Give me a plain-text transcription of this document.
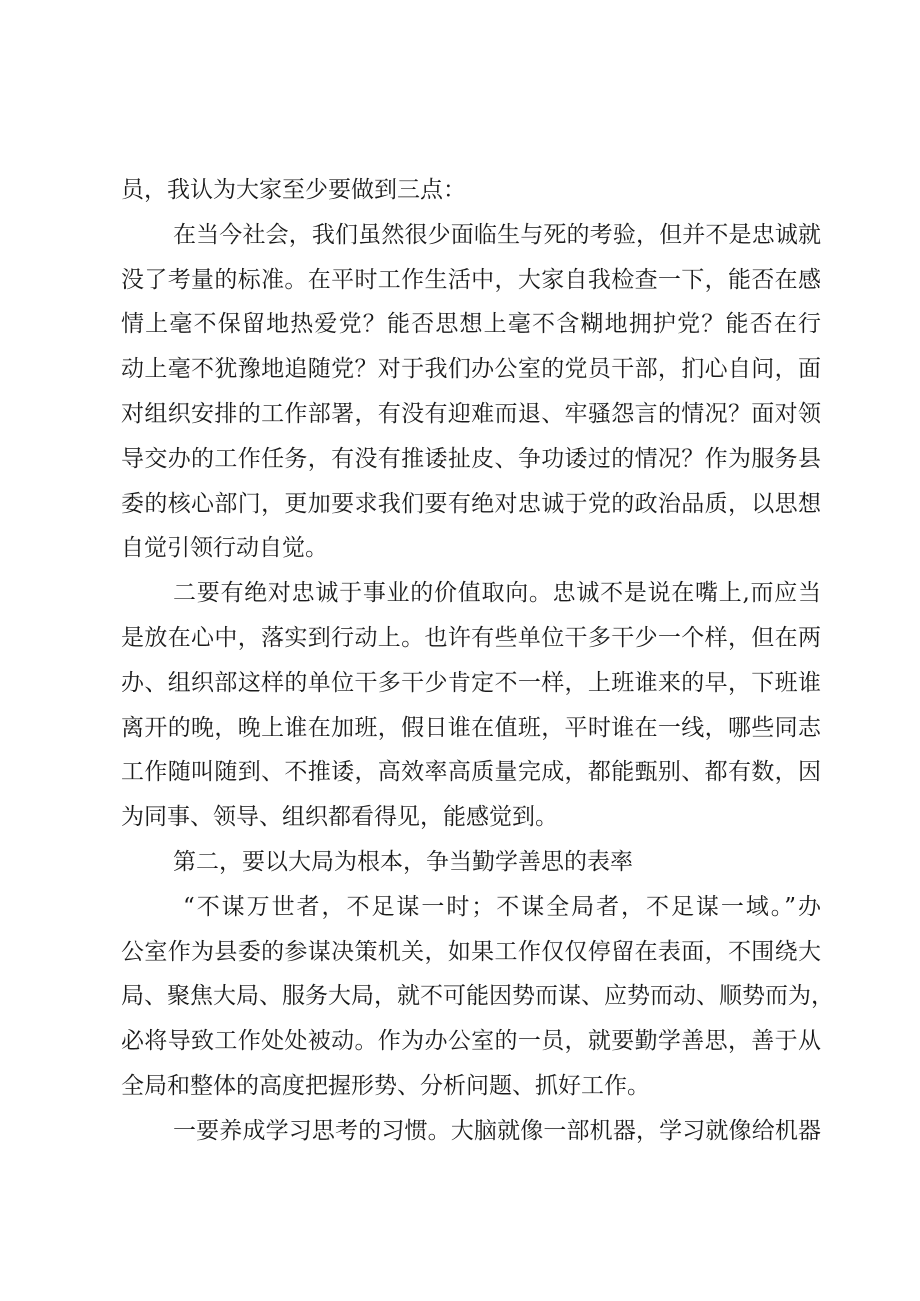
员，我认为大家至少要做到三点：
在当今社会，我们虽然很少面临生与死的考验，但并不是忠诚就
没了考量的标准。在平时工作生活中，大家自我检查一下，能否在感
情上毫不保留地热爱党？能否思想上毫不含糊地拥护党？能否在行
动上毫不犹豫地追随党？对于我们办公室的党员干部，扪心自问，面
对组织安排的工作部署，有没有迎难而退、牢骚怨言的情况？面对领
导交办的工作任务，有没有推诿扯皮、争功诿过的情况？作为服务县
委的核心部门，更加要求我们要有绝对忠诚于党的政治品质，以思想
自觉引领行动自觉。
二要有绝对忠诚于事业的价值取向。忠诚不是说在嘴上,而应当
是放在心中，落实到行动上。也许有些单位干多干少一个样，但在两
办、组织部这样的单位干多干少肯定不一样，上班谁来的早，下班谁
离开的晚，晚上谁在加班，假日谁在值班，平时谁在一线，哪些同志
工作随叫随到、不推诿，高效率高质量完成，都能甄别、都有数，因
为同事、领导、组织都看得见，能感觉到。
第二，要以大局为根本，争当勤学善思的表率
“不谋万世者，不足谋一时；不谋全局者，不足谋一域。”办
公室作为县委的参谋决策机关，如果工作仅仅停留在表面，不围绕大
局、聚焦大局、服务大局，就不可能因势而谋、应势而动、顺势而为，
必将导致工作处处被动。作为办公室的一员，就要勤学善思，善于从
全局和整体的高度把握形势、分析问题、抓好工作。
一要养成学习思考的习惯。大脑就像一部机器，学习就像给机器
